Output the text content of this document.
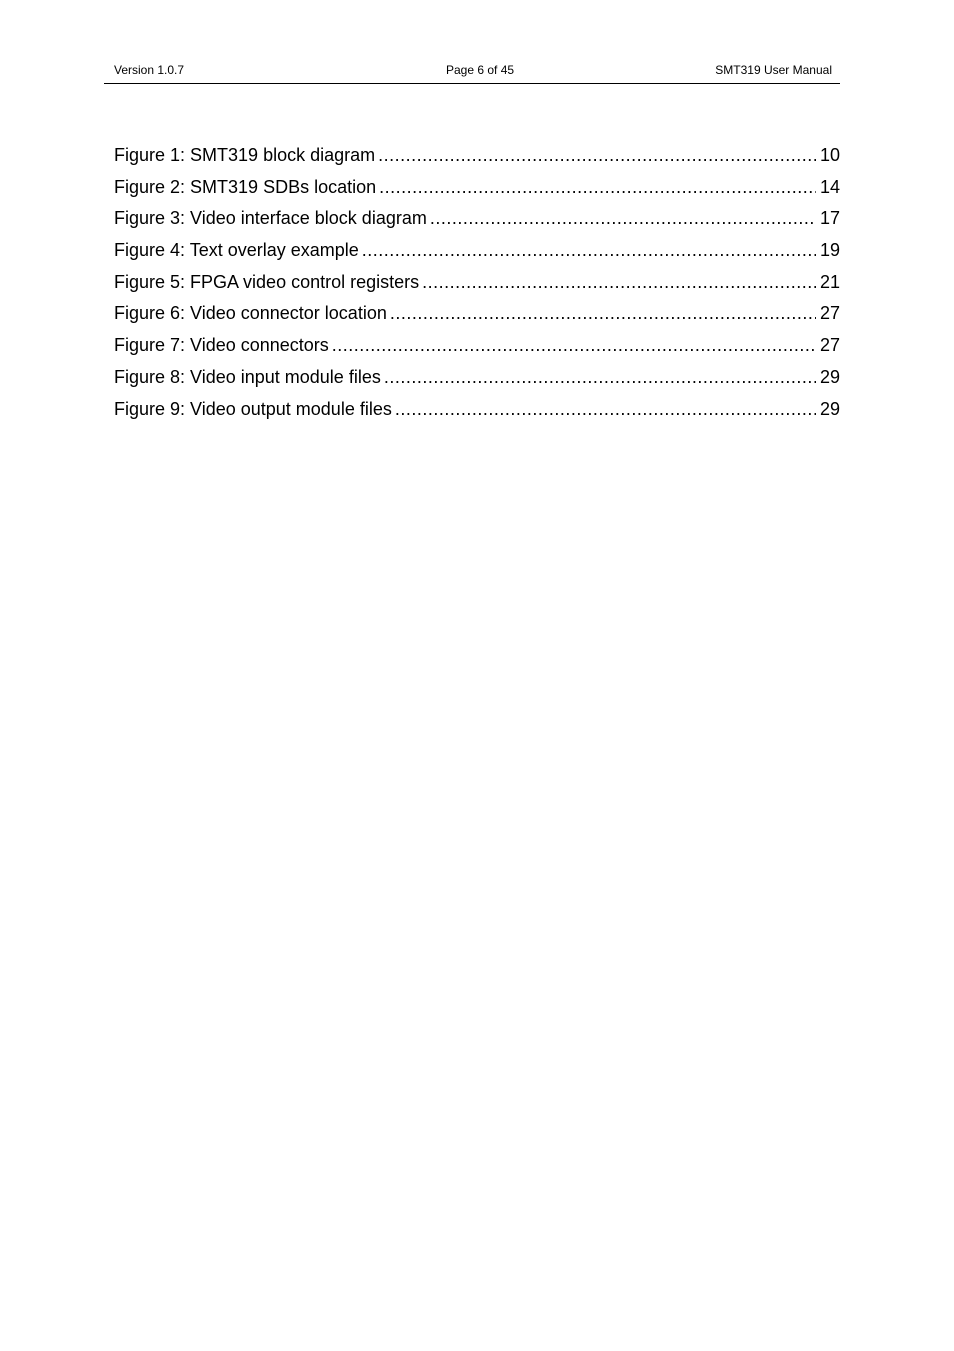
Version 1.0.7	Page 6 of 45	SMT319 User Manual
Figure 1: SMT319 block diagram .....	10
Figure 2: SMT319 SDBs location .....	14
Figure 3: Video interface block diagram .....	17
Figure 4: Text overlay example .....	19
Figure 5: FPGA video control registers .....	21
Figure 6: Video connector location .....	27
Figure 7: Video connectors .....	27
Figure 8: Video input module files .....	29
Figure 9: Video output module files .....	29
